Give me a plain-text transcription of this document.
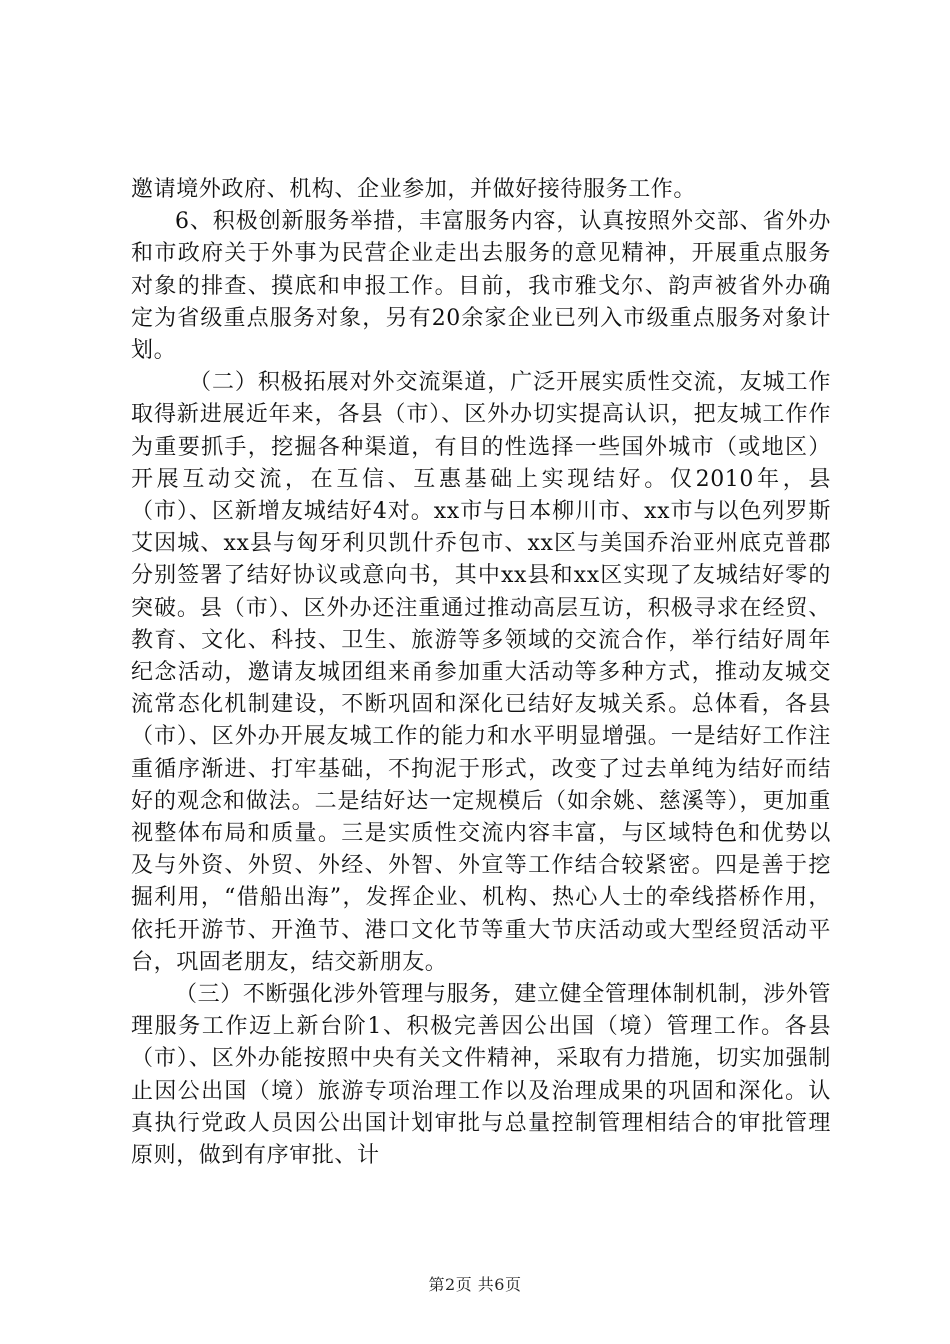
邀请境外政府、机构、企业参加，并做好接待服务工作。

6、积极创新服务举措，丰富服务内容，认真按照外交部、省外办和市政府关于外事为民营企业走出去服务的意见精神，开展重点服务对象的排查、摸底和申报工作。目前，我市雅戈尔、韵声被省外办确定为省级重点服务对象，另有20余家企业已列入市级重点服务对象计划。

（二）积极拓展对外交流渠道，广泛开展实质性交流，友城工作取得新进展近年来，各县（市）、区外办切实提高认识，把友城工作作为重要抓手，挖掘各种渠道，有目的性选择一些国外城市（或地区）开展互动交流，在互信、互惠基础上实现结好。仅2010年，县（市）、区新增友城结好4对。xx市与日本柳川市、xx市与以色列罗斯艾因城、xx县与匈牙利贝凯什乔包市、xx区与美国乔治亚州底克普郡分别签署了结好协议或意向书，其中xx县和xx区实现了友城结好零的突破。县（市）、区外办还注重通过推动高层互访，积极寻求在经贸、教育、文化、科技、卫生、旅游等多领域的交流合作，举行结好周年纪念活动，邀请友城团组来甬参加重大活动等多种方式，推动友城交流常态化机制建设，不断巩固和深化已结好友城关系。总体看，各县（市）、区外办开展友城工作的能力和水平明显增强。一是结好工作注重循序渐进、打牢基础，不拘泥于形式，改变了过去单纯为结好而结好的观念和做法。二是结好达一定规模后（如余姚、慈溪等），更加重视整体布局和质量。三是实质性交流内容丰富，与区域特色和优势以及与外资、外贸、外经、外智、外宣等工作结合较紧密。四是善于挖掘利用，“借船出海”，发挥企业、机构、热心人士的牵线搭桥作用，依托开游节、开渔节、港口文化节等重大节庆活动或大型经贸活动平台，巩固老朋友，结交新朋友。

（三）不断强化涉外管理与服务，建立健全管理体制机制，涉外管理服务工作迈上新台阶1、积极完善因公出国（境）管理工作。各县（市）、区外办能按照中央有关文件精神，采取有力措施，切实加强制止因公出国（境）旅游专项治理工作以及治理成果的巩固和深化。认真执行党政人员因公出国计划审批与总量控制管理相结合的审批管理原则，做到有序审批、计

第2页 共6页
